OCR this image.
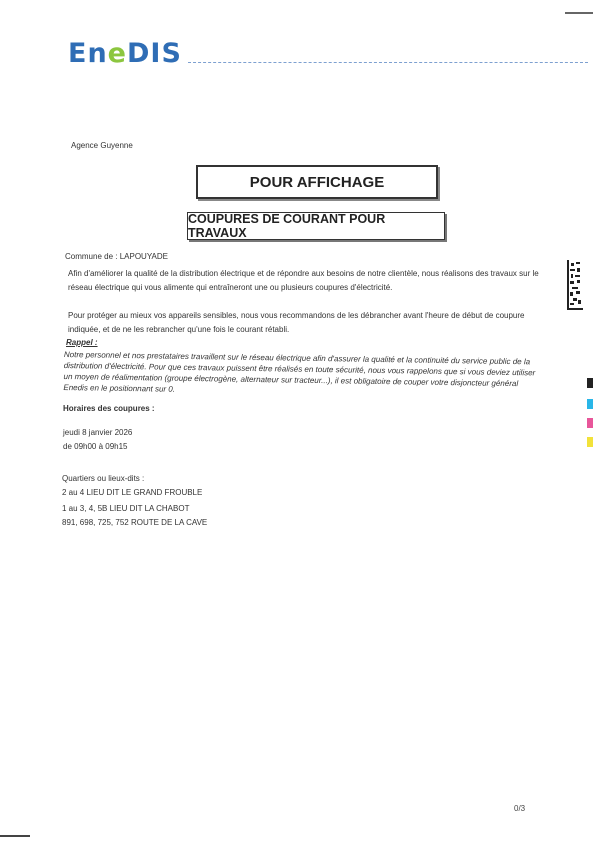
EneDIS
Agence Guyenne
POUR AFFICHAGE
COUPURES DE COURANT POUR TRAVAUX
Commune de : LAPOUYADE
Afin d'améliorer la qualité de la distribution électrique et de répondre aux besoins de notre clientèle, nous réalisons des travaux sur le réseau électrique qui vous alimente qui entraîneront une ou plusieurs coupures d'électricité.
Pour protéger au mieux vos appareils sensibles, nous vous recommandons de les débrancher avant l'heure de début de coupure indiquée, et de ne les rebrancher qu'une fois le courant rétabli.
Rappel :
Notre personnel et nos prestataires travaillent sur le réseau électrique afin d'assurer la qualité et la continuité du service public de la distribution d'électricité. Pour que ces travaux puissent être réalisés en toute sécurité, nous vous rappelons que si vous deviez utiliser un moyen de réalimentation (groupe électrogène, alternateur sur tracteur...), il est obligatoire de couper votre disjoncteur général Enedis en le positionnant sur 0.
Horaires des coupures :
jeudi 8 janvier 2026
de 09h00 à 09h15
Quartiers ou lieux-dits :
2 au 4 LIEU DIT LE GRAND FROUBLE
1 au 3, 4, 5B LIEU DIT LA CHABOT
891, 698, 725, 752 ROUTE DE LA CAVE
0/3
